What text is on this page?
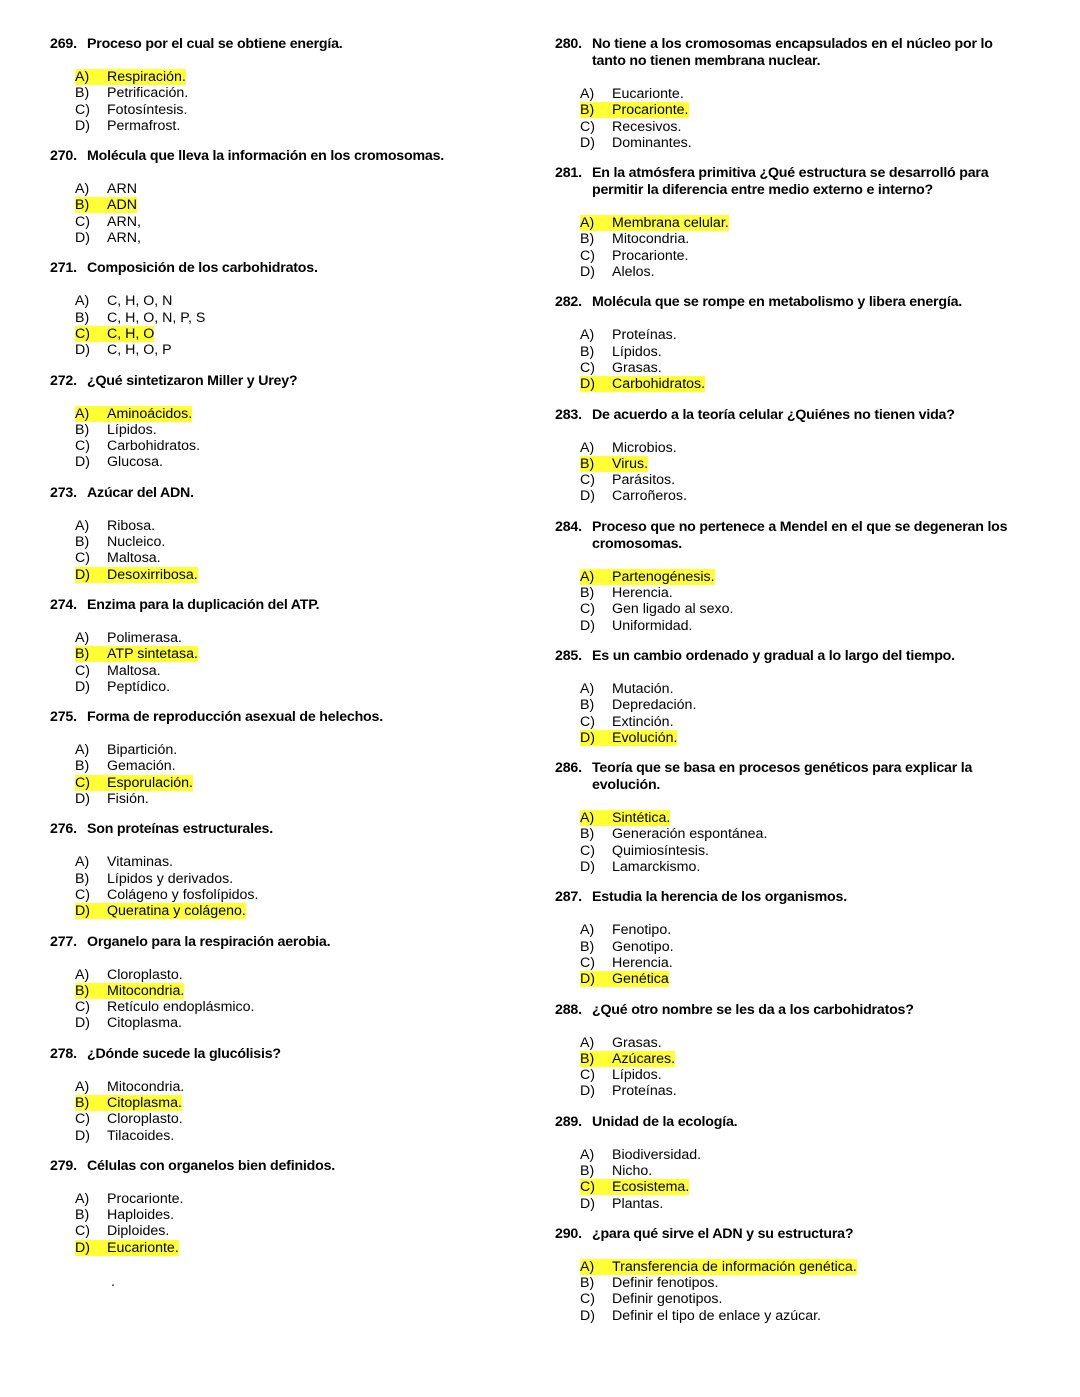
269. Proceso por el cual se obtiene energía.
A) Respiración.
B) Petrificación.
C) Fotosíntesis.
D) Permafrost.
270. Molécula que lleva la información en los cromosomas.
A) ARN
B) ADN
C) ARN,
D) ARN,
271. Composición de los carbohidratos.
A) C, H, O, N
B) C, H, O, N, P, S
C) C, H, O
D) C, H, O, P
272. ¿Qué sintetizaron Miller y Urey?
A) Aminoácidos.
B) Lípidos.
C) Carbohidratos.
D) Glucosa.
273. Azúcar del ADN.
A) Ribosa.
B) Nucleico.
C) Maltosa.
D) Desoxirribosa.
274. Enzima para la duplicación del ATP.
A) Polimerasa.
B) ATP sintetasa.
C) Maltosa.
D) Peptídico.
275. Forma de reproducción asexual de helechos.
A) Bipartición.
B) Gemación.
C) Esporulación.
D) Fisión.
276. Son proteínas estructurales.
A) Vitaminas.
B) Lípidos y derivados.
C) Colágeno y fosfolípidos.
D) Queratina y colágeno.
277. Organelo para la respiración aerobia.
A) Cloroplasto.
B) Mitocondria.
C) Retículo endoplásmico.
D) Citoplasma.
278. ¿Dónde sucede la glucólisis?
A) Mitocondria.
B) Citoplasma.
C) Cloroplasto.
D) Tilacoides.
279. Células con organelos bien definidos.
A) Procarionte.
B) Haploides.
C) Diploides.
D) Eucarionte.
280. No tiene a los cromosomas encapsulados en el núcleo por lo tanto no tienen membrana nuclear.
A) Eucarionte.
B) Procarionte.
C) Recesivos.
D) Dominantes.
281. En la atmósfera primitiva ¿Qué estructura se desarrolló para permitir la diferencia entre medio externo e interno?
A) Membrana celular.
B) Mitocondria.
C) Procarionte.
D) Alelos.
282. Molécula que se rompe en metabolismo y libera energía.
A) Proteínas.
B) Lípidos.
C) Grasas.
D) Carbohidratos.
283. De acuerdo a la teoría celular ¿Quiénes no tienen vida?
A) Microbios.
B) Virus.
C) Parásitos.
D) Carroñeros.
284. Proceso que no pertenece a Mendel en el que se degeneran los cromosomas.
A) Partenogénesis.
B) Herencia.
C) Gen ligado al sexo.
D) Uniformidad.
285. Es un cambio ordenado y gradual a lo largo del tiempo.
A) Mutación.
B) Depredación.
C) Extinción.
D) Evolución.
286. Teoría que se basa en procesos genéticos para explicar la evolución.
A) Sintética.
B) Generación espontánea.
C) Quimiosíntesis.
D) Lamarckismo.
287. Estudia la herencia de los organismos.
A) Fenotipo.
B) Genotipo.
C) Herencia.
D) Genética
288. ¿Qué otro nombre se les da a los carbohidratos?
A) Grasas.
B) Azúcares.
C) Lípidos.
D) Proteínas.
289. Unidad de la ecología.
A) Biodiversidad.
B) Nicho.
C) Ecosistema.
D) Plantas.
290. ¿para qué sirve el ADN y su estructura?
A) Transferencia de información genética.
B) Definir fenotipos.
C) Definir genotipos.
D) Definir el tipo de enlace y azúcar.
.
